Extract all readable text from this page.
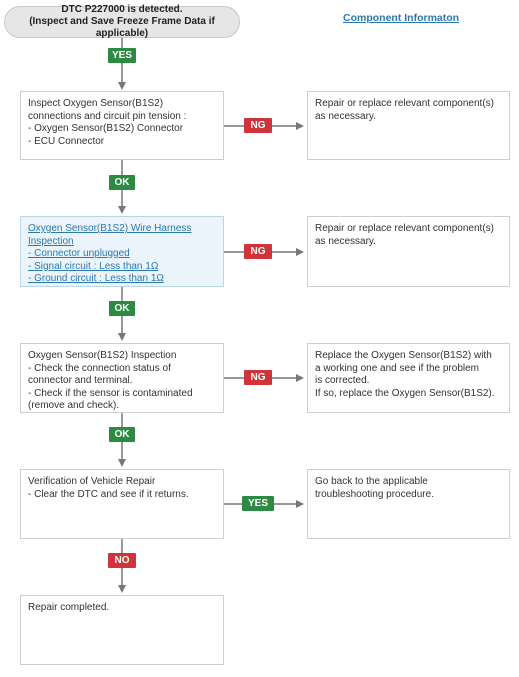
DTC P227000 is detected.
(Inspect and Save Freeze Frame Data if applicable)
Component Informaton
YES
Inspect Oxygen Sensor(B1S2)
connections and circuit pin tension :
- Oxygen Sensor(B1S2) Connector
- ECU Connector
NG
Repair or replace relevant component(s)
as necessary.
OK
Oxygen Sensor(B1S2) Wire Harness
Inspection
- Connector unplugged
- Signal circuit : Less than 1Ω
- Ground circuit : Less than 1Ω
NG
Repair or replace relevant component(s)
as necessary.
OK
Oxygen Sensor(B1S2) Inspection
- Check the connection status of
connector and terminal.
- Check if the sensor is contaminated
(remove and check).
NG
Replace the Oxygen Sensor(B1S2) with
a working one and see if the problem
is corrected.
If so, replace the Oxygen Sensor(B1S2).
OK
Verification of Vehicle Repair
- Clear the DTC and see if it returns.
YES
Go back to the applicable
troubleshooting procedure.
NO
Repair completed.
